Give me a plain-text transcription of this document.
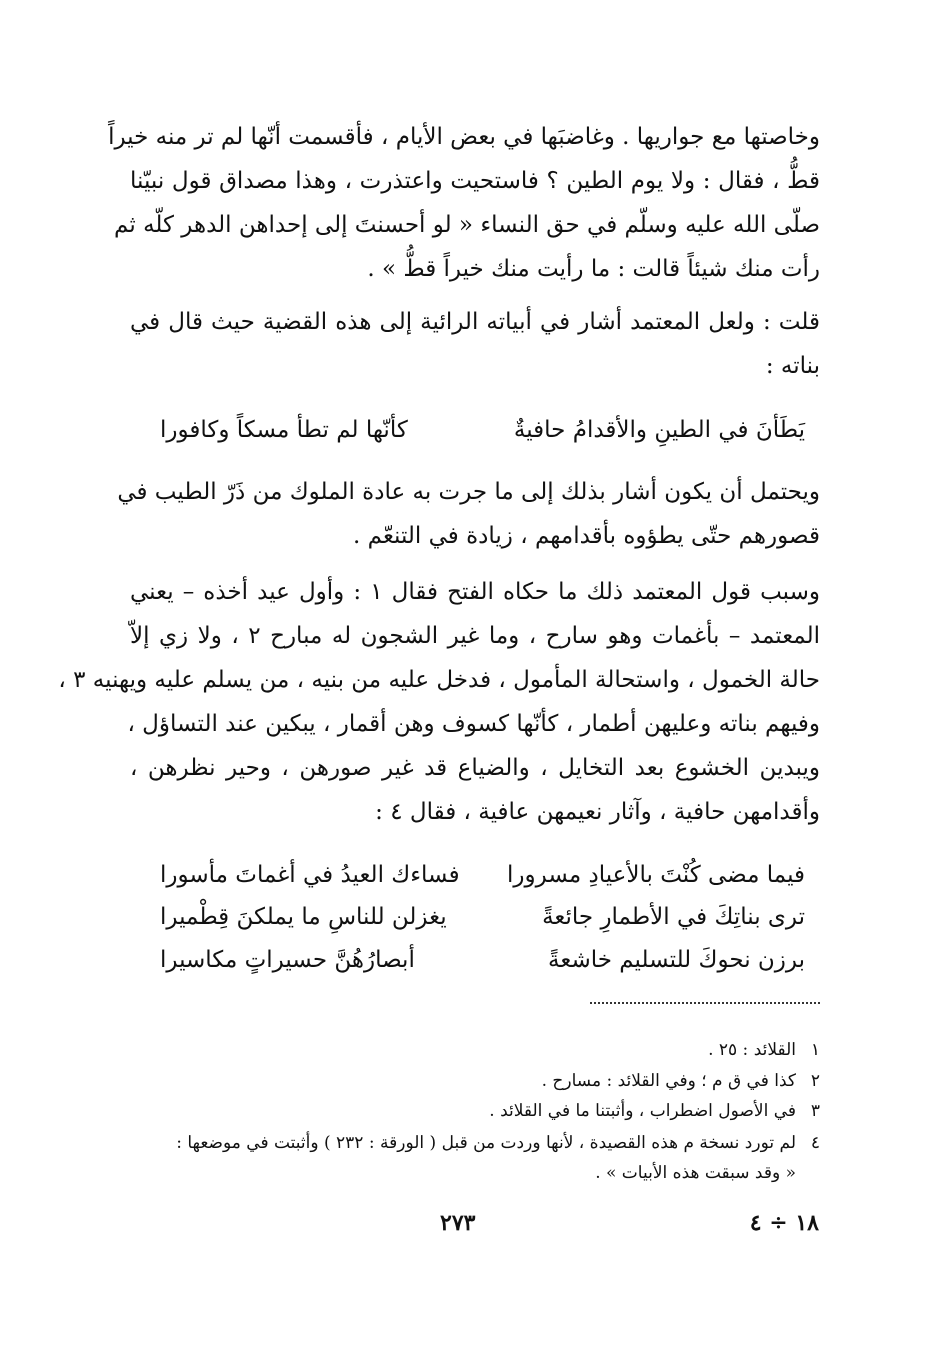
وخاصتها مع جواريها . وغاضبَها في بعض الأيام ، فأقسمت أنّها لم تر منه خيراً
قطُّ ، فقال : ولا يوم الطين ؟ فاستحيت واعتذرت ، وهذا مصداق قول نبيّنا
صلّى الله عليه وسلّم في حق النساء « لو أحسنتَ إلى إحداهن الدهر كلّه ثم
رأت منك شيئاً قالت : ما رأيت منك خيراً قطُّ » .
قلت : ولعل المعتمد أشار في أبياته الرائية إلى هذه القضية حيث قال في
بناته :
يَطَأنَ في الطينِ والأقدامُ حافيةٌ
كأنّها لم تطأ مسكاً وكافورا
ويحتمل أن يكون أشار بذلك إلى ما جرت به عادة الملوك من ذَرّ الطيب في
قصورهم حتّى يطؤوه بأقدامهم ، زيادة في التنعّم .
وسبب قول المعتمد ذلك ما حكاه الفتح فقال ١ : وأول عيد أخذه – يعني
المعتمد – بأغمات وهو سارح ، وما غير الشجون له مبارح ٢ ، ولا زي إلاّ
حالة الخمول ، واستحالة المأمول ، فدخل عليه من بنيه ، من يسلم عليه ويهنيه ٣ ،
وفيهم بناته وعليهن أطمار ، كأنّها كسوف وهن أقمار ، يبكين عند التساؤل ،
ويبدين الخشوع بعد التخايل ، والضياع قد غير صورهن ، وحير نظرهن ،
وأقدامهن حافية ، وآثار نعيمهن عافية ، فقال ٤ :
فيما مضى كُنْتَ بالأعيادِ مسرورا
فساءك العيدُ في أغماتَ مأسورا
ترى بناتِكَ في الأطمارِ جائعةً
يغزلن للناسِ ما يملكنَ قِطْميرا
برزن نحوكَ للتسليم خاشعةً
أبصارُهُنَّ حسيراتٍ مكاسيرا
١القلائد : ٢٥ .
٢كذا في ق م ؛ وفي القلائد : مسارح .
٣في الأصول اضطراب ، وأثبتنا ما في القلائد .
٤لم تورد نسخة م هذه القصيدة ، لأنها وردت من قبل ( الورقة : ٢٣٢ ) وأثبتت في موضعها :
« وقد سبقت هذه الأبيات » .
١٨ ÷ ٤
٢٧٣
